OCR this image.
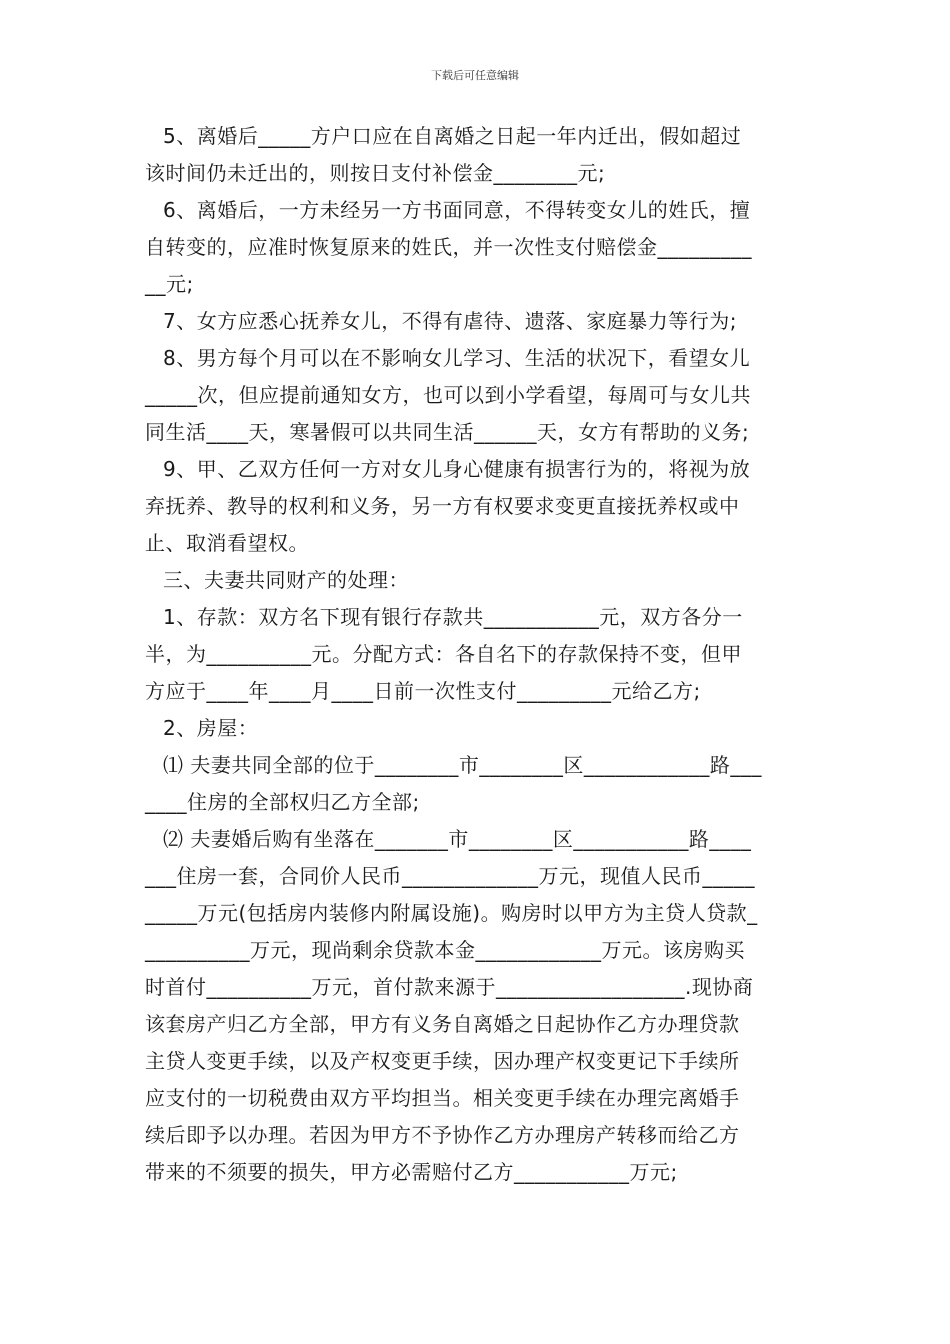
下载后可任意编辑
5、离婚后_____方户口应在自离婚之日起一年内迁出，假如超过
该时间仍未迁出的，则按日支付补偿金________元;
6、离婚后，一方未经另一方书面同意，不得转变女儿的姓氏，擅
自转变的，应准时恢复原来的姓氏，并一次性支付赔偿金_________
__元;
7、女方应悉心抚养女儿，不得有虐待、遗落、家庭暴力等行为;
8、男方每个月可以在不影响女儿学习、生活的状况下，看望女儿
_____次，但应提前通知女方，也可以到小学看望，每周可与女儿共
同生活____天，寒暑假可以共同生活______天，女方有帮助的义务;
9、甲、乙双方任何一方对女儿身心健康有损害行为的，将视为放
弃抚养、教导的权利和义务，另一方有权要求变更直接抚养权或中
止、取消看望权。
三、夫妻共同财产的处理：
1、存款：双方名下现有银行存款共___________元，双方各分一
半，为__________元。分配方式：各自名下的存款保持不变，但甲
方应于____年____月____日前一次性支付_________元给乙方;
2、房屋：
⑴ 夫妻共同全部的位于________市________区____________路___
____住房的全部权归乙方全部;
⑵ 夫妻婚后购有坐落在_______市________区___________路____
___住房一套，合同价人民币_____________万元，现值人民币_____
_____万元(包括房内装修内附属设施)。购房时以甲方为主贷人贷款_
__________万元，现尚剩余贷款本金____________万元。该房购买
时首付__________万元，首付款来源于__________________.现协商
该套房产归乙方全部，甲方有义务自离婚之日起协作乙方办理贷款
主贷人变更手续，以及产权变更手续，因办理产权变更记下手续所
应支付的一切税费由双方平均担当。相关变更手续在办理完离婚手
续后即予以办理。若因为甲方不予协作乙方办理房产转移而给乙方
带来的不须要的损失，甲方必需赔付乙方___________万元;
